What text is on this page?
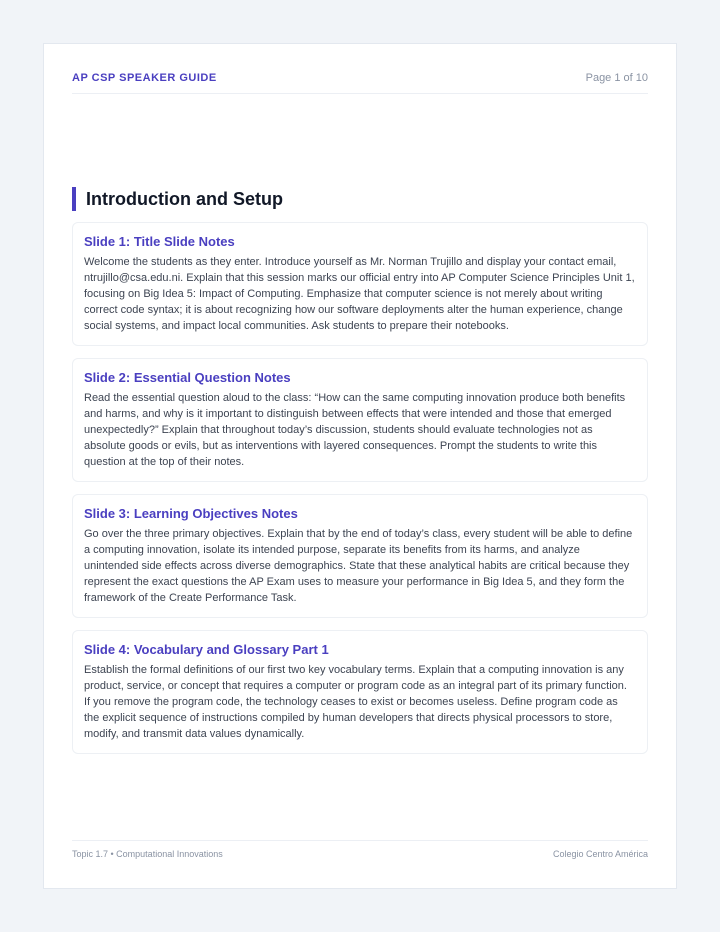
AP CSP SPEAKER GUIDE	Page 1 of 10
Introduction and Setup
Slide 1: Title Slide Notes
Welcome the students as they enter. Introduce yourself as Mr. Norman Trujillo and display your contact email, ntrujillo@csa.edu.ni. Explain that this session marks our official entry into AP Computer Science Principles Unit 1, focusing on Big Idea 5: Impact of Computing. Emphasize that computer science is not merely about writing correct code syntax; it is about recognizing how our software deployments alter the human experience, change social systems, and impact local communities. Ask students to prepare their notebooks.
Slide 2: Essential Question Notes
Read the essential question aloud to the class: “How can the same computing innovation produce both benefits and harms, and why is it important to distinguish between effects that were intended and those that emerged unexpectedly?” Explain that throughout today’s discussion, students should evaluate technologies not as absolute goods or evils, but as interventions with layered consequences. Prompt the students to write this question at the top of their notes.
Slide 3: Learning Objectives Notes
Go over the three primary objectives. Explain that by the end of today’s class, every student will be able to define a computing innovation, isolate its intended purpose, separate its benefits from its harms, and analyze unintended side effects across diverse demographics. State that these analytical habits are critical because they represent the exact questions the AP Exam uses to measure your performance in Big Idea 5, and they form the framework of the Create Performance Task.
Slide 4: Vocabulary and Glossary Part 1
Establish the formal definitions of our first two key vocabulary terms. Explain that a computing innovation is any product, service, or concept that requires a computer or program code as an integral part of its primary function. If you remove the program code, the technology ceases to exist or becomes useless. Define program code as the explicit sequence of instructions compiled by human developers that directs physical processors to store, modify, and transmit data values dynamically.
Topic 1.7 • Computational Innovations	Colegio Centro América
